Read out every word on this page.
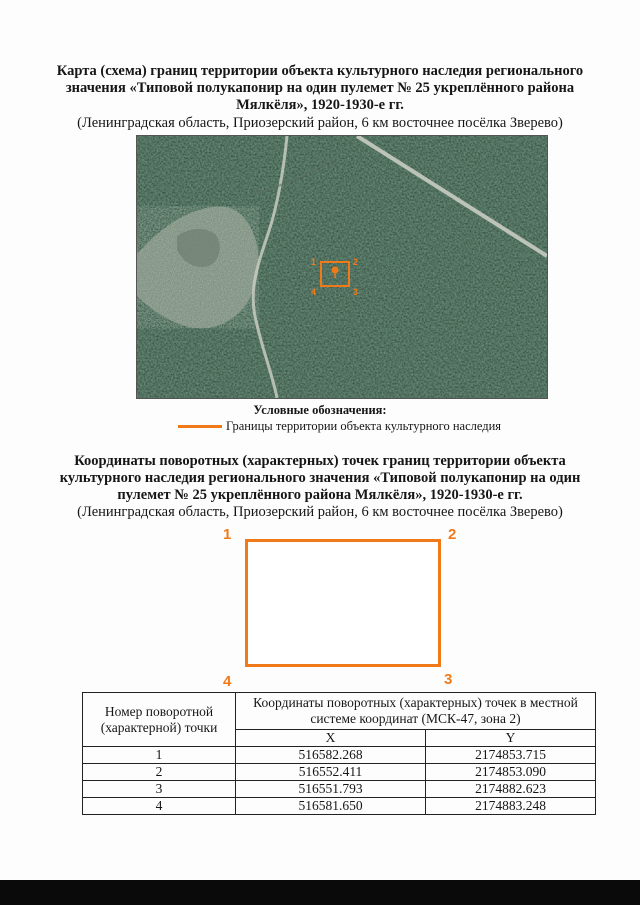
Карта (схема) границ территории объекта культурного наследия регионального значения «Типовой полукапонир на один пулемет № 25 укреплённого района Мялкёля», 1920-1930-е гг.
(Ленинградская область, Приозерский район, 6 км восточнее посёлка Зверево)
1	2
3
4
Условные обозначения:
Границы территории объекта культурного наследия
Координаты поворотных (характерных) точек границ территории объекта культурного наследия регионального значения «Типовой полукапонир на один пулемет № 25 укреплённого района Мялкёля», 1920-1930-е гг.
(Ленинградская область, Приозерский район, 6 км восточнее посёлка Зверево)
1	2
3
4
Номер поворотной (характерной) точки	Координаты поворотных (характерных) точек в местной системе координат (МСК-47, зона 2)	
	X	Y
1	516582.268	2174853.715
2	516552.411	2174853.090
3	516551.793	2174882.623
4	516581.650	2174883.248
